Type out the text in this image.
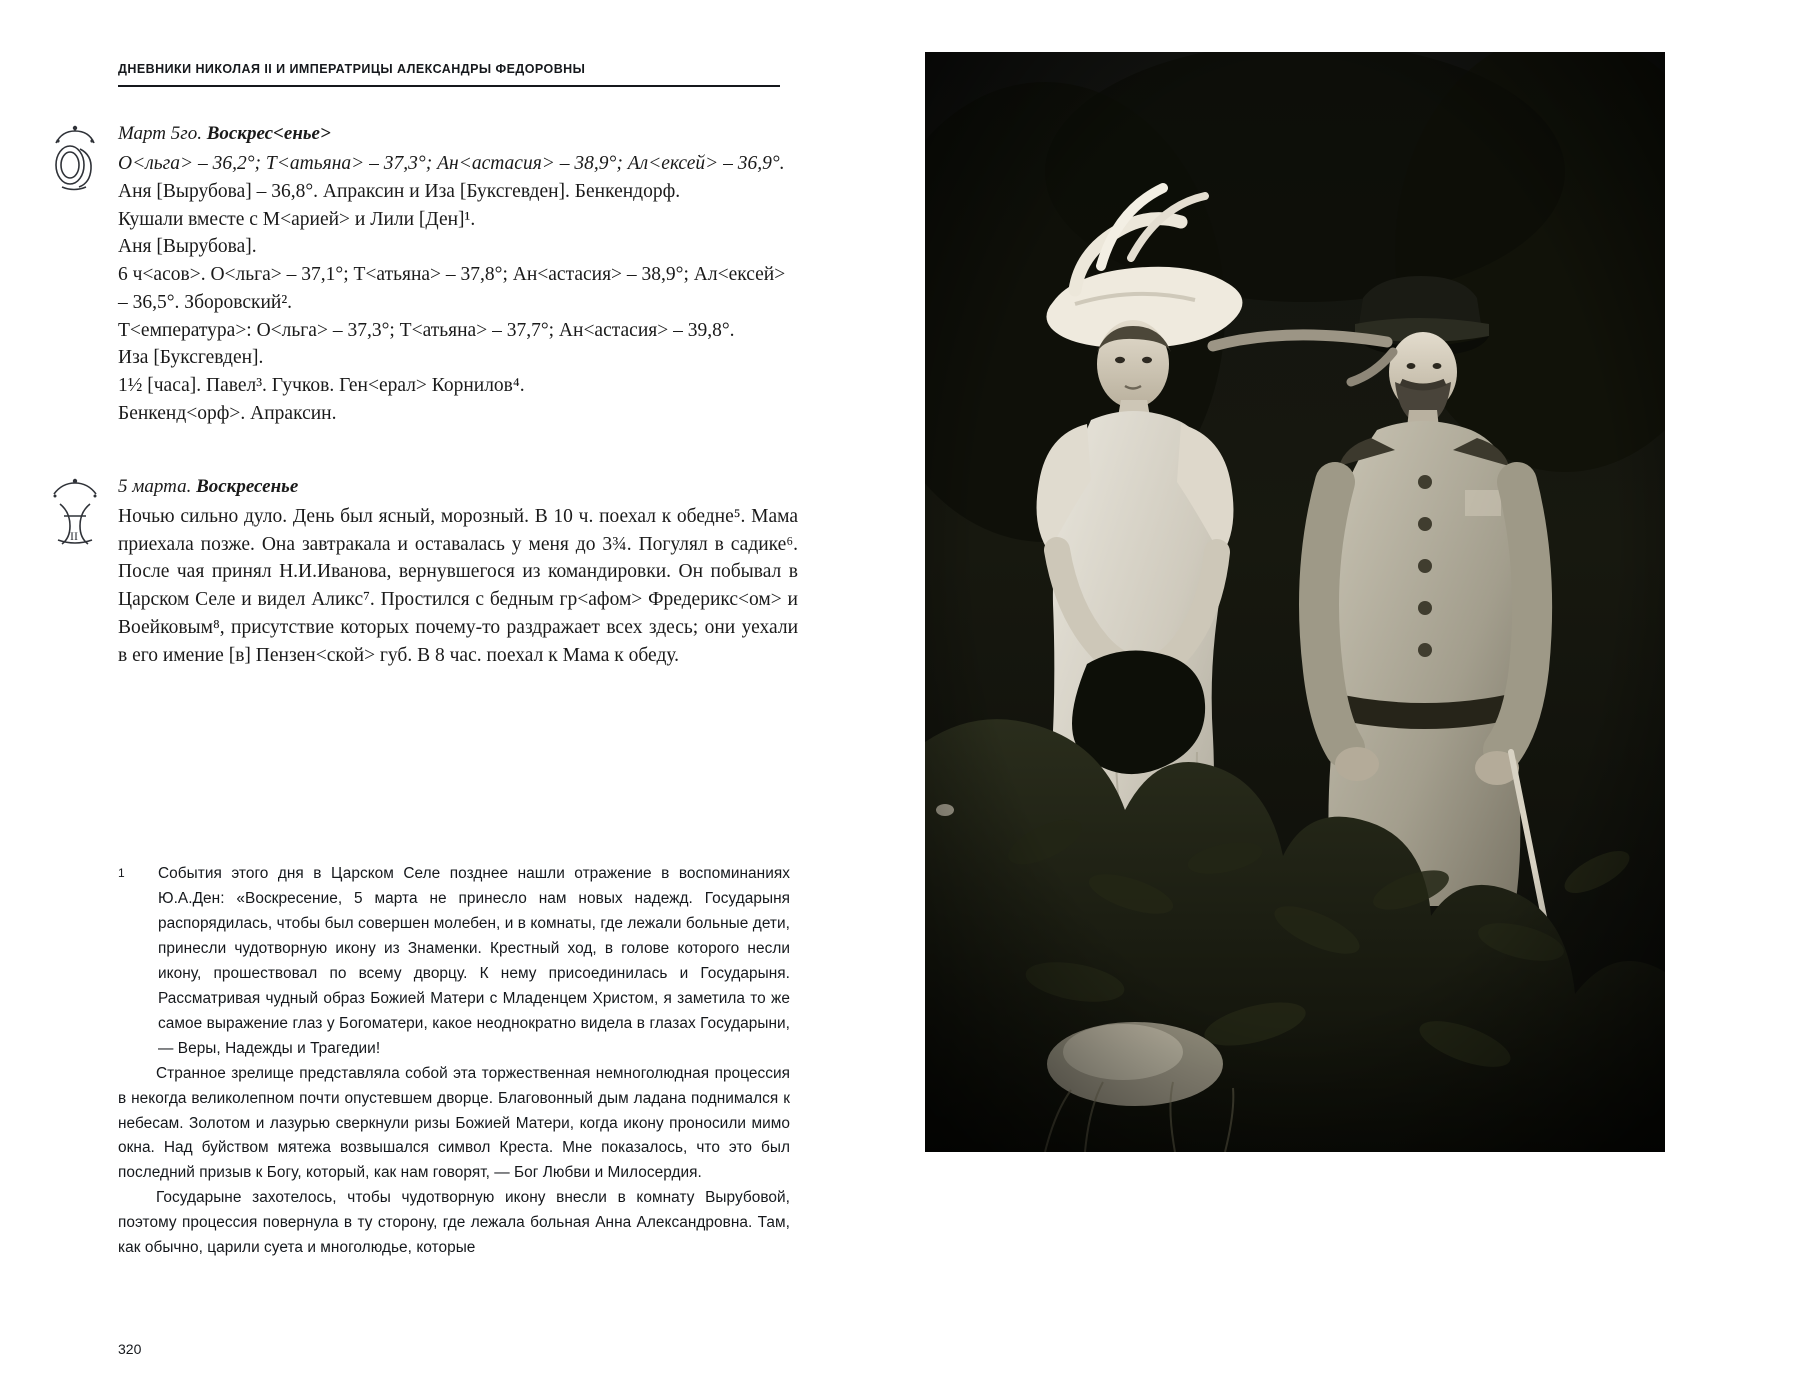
ДНЕВНИКИ НИКОЛАЯ II И ИМПЕРАТРИЦЫ АЛЕКСАНДРЫ ФЕДОРОВНЫ
Март 5го. Воскрес<енье>

О<льга> – 36,2°; Т<атьяна> – 37,3°; Ан<астасия> – 38,9°; Ал<ексей> – 36,9°.

Аня [Вырубова] – 36,8°. Апраксин и Иза [Буксгевден]. Бенкендорф.

Кушали вместе с М<арией> и Лили [Ден]¹.

Аня [Вырубова].

6 ч<асов>. О<льга> – 37,1°; Т<атьяна> – 37,8°; Ан<астасия> – 38,9°; Ал<ексей> – 36,5°. Зборовский².

Т<емпература>: О<льга> – 37,3°; Т<атьяна> – 37,7°; Ан<астасия> – 39,8°.

Иза [Буксгевден].

1½ [часа]. Павел³. Гучков. Ген<ерал> Корнилов⁴.

Бенкенд<орф>. Апраксин.

II
5 марта. Воскресенье

Ночью сильно дуло. День был ясный, морозный. В 10 ч. поехал к обедне⁵. Мама приехала позже. Она завтракала и оставалась у меня до 3¾. Погулял в садике⁶. После чая принял Н.И.Иванова, вернувшегося из командировки. Он побывал в Царском Селе и видел Аликс⁷. Простился с бедным гр<афом> Фредерикс<ом> и Воейковым⁸, присутствие которых почему-то раздражает всех здесь; они уехали в его имение [в] Пензен<ской> губ. В 8 час. поехал к Мама к обеду.

1	События этого дня в Царском Селе позднее нашли отражение в воспоминаниях Ю.А.Ден: «Воскресение, 5 марта не принесло нам новых надежд. Государыня распорядилась, чтобы был совершен молебен, и в комнаты, где лежали больные дети, принесли чудотворную икону из Знаменки. Крестный ход, в голове которого несли икону, прошествовал по всему дворцу. К нему присоединилась и Государыня. Рассматривая чудный образ Божией Матери с Младенцем Христом, я заметила то же самое выражение глаз у Богоматери, какое неоднократно видела в глазах Государыни, — Веры, Надежды и Трагедии!
Странное зрелище представляла собой эта торжественная немноголюдная процессия в некогда великолепном почти опустевшем дворце. Благовонный дым ладана поднимался к небесам. Золотом и лазурью сверкнули ризы Божией Матери, когда икону проносили мимо окна. Над буйством мятежа возвышался символ Креста. Мне показалось, что это был последний призыв к Богу, который, как нам говорят, — Бог Любви и Милосердия.
Государыне захотелось, чтобы чудотворную икону внесли в комнату Вырубовой, поэтому процессия повернула в ту сторону, где лежала больная Анна Александровна. Там, как обычно, царили суета и многолюдье, которые
320
